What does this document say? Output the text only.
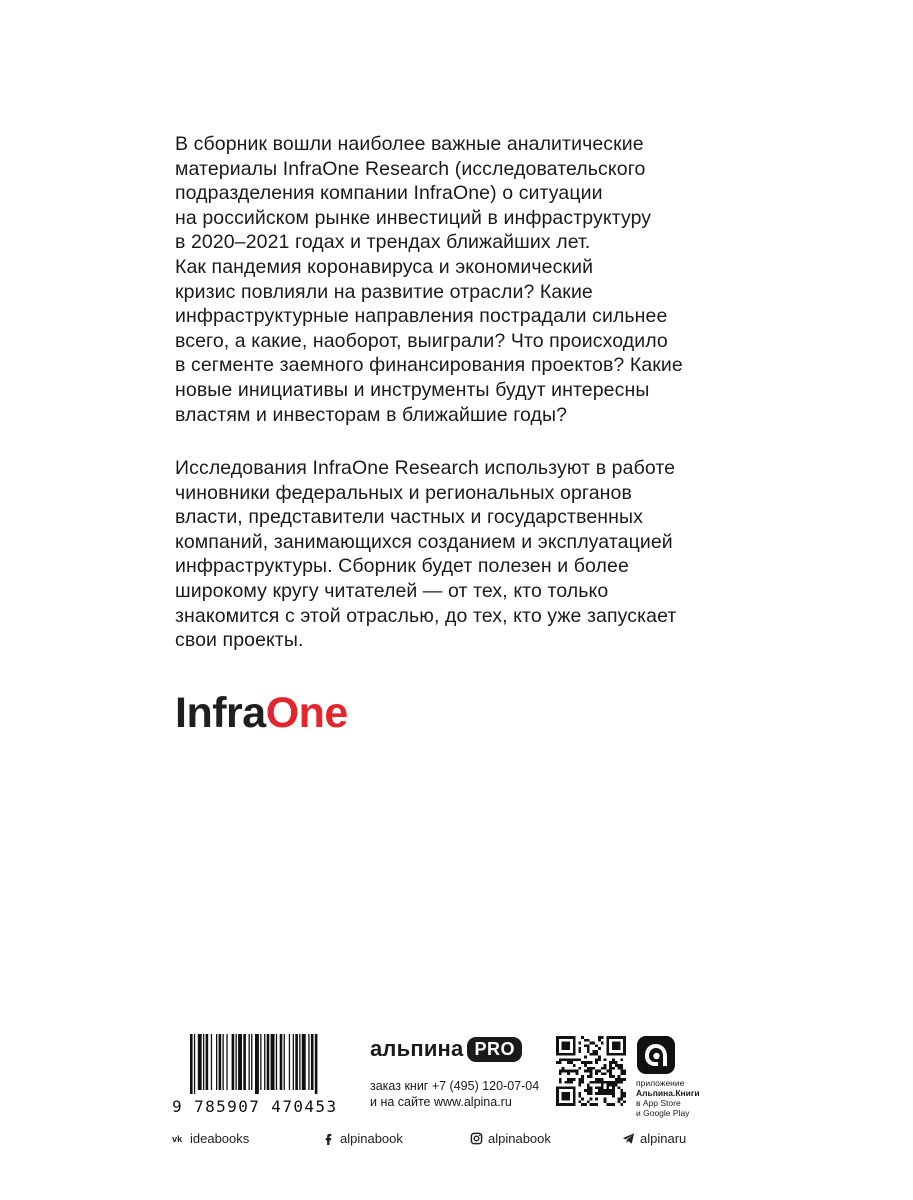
В сборник вошли наиболее важные аналитические
материалы InfraOne Research (исследовательского
подразделения компании InfraOne) о ситуации
на российском рынке инвестиций в инфраструктуру
в 2020–2021 годах и трендах ближайших лет.
Как пандемия коронавируса и экономический
кризис повлияли на развитие отрасли? Какие
инфраструктурные направления пострадали сильнее
всего, а какие, наоборот, выиграли? Что происходило
в сегменте заемного финансирования проектов? Какие
новые инициативы и инструменты будут интересны
властям и инвесторам в ближайшие годы?
Исследования InfraOne Research используют в работе
чиновники федеральных и региональных органов
власти, представители частных и государственных
компаний, занимающихся созданием и эксплуатацией
инфраструктуры. Сборник будет полезен и более
широкому кругу читателей — от тех, кто только
знакомится с этой отраслью, до тех, кто уже запускает
свои проекты.
InfraOne
9 785907 470453
альпина PRO
заказ книг +7 (495) 120-07-04
и на сайте www.alpina.ru
приложение
Альпина.Книги
в App Store
и Google Play
vk ideabooks	alpinabook	alpinabook	alpinaru
